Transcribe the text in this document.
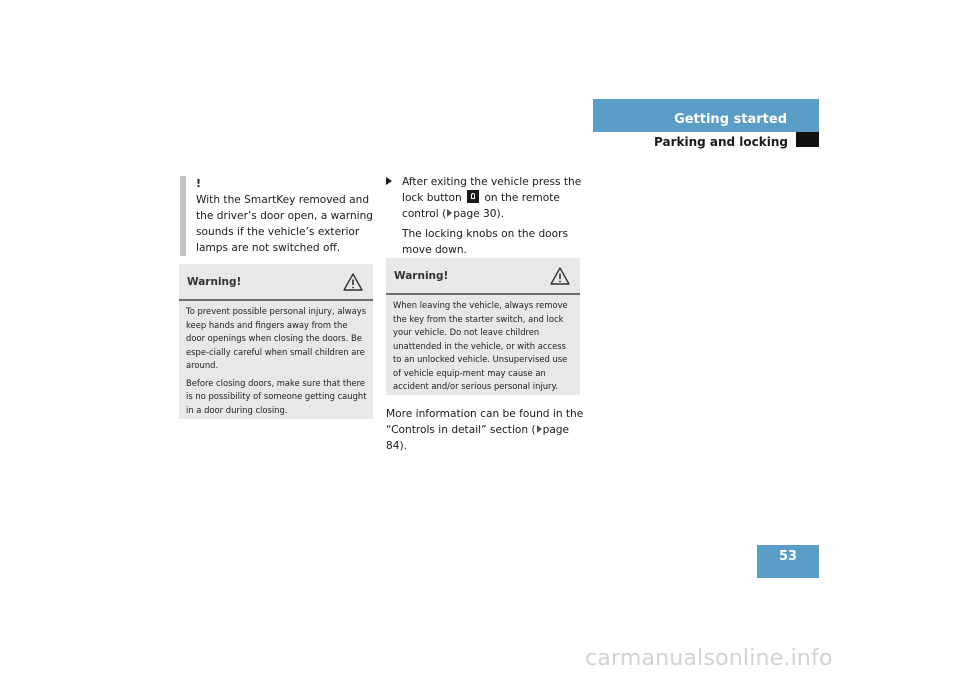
Getting started
Parking and locking
!
With the SmartKey removed and the driver’s door open, a warning sounds if the vehicle’s exterior lamps are not switched off.
Warning!

To prevent possible personal injury, always keep hands and fingers away from the door openings when closing the doors. Be espe-cially careful when small children are around.

Before closing doors, make sure that there is no possibility of someone getting caught in a door during closing.

After exiting the vehicle press the lock button on the remote control ( page 30).
The locking knobs on the doors move down.
Warning!

When leaving the vehicle, always remove the key from the starter switch, and lock your vehicle. Do not leave children unattended in the vehicle, or with access to an unlocked vehicle. Unsupervised use of vehicle equip-ment may cause an accident and/or serious personal injury.

More information can be found in the “Controls in detail” section ( page 84).
53
carmanualsonline.info
